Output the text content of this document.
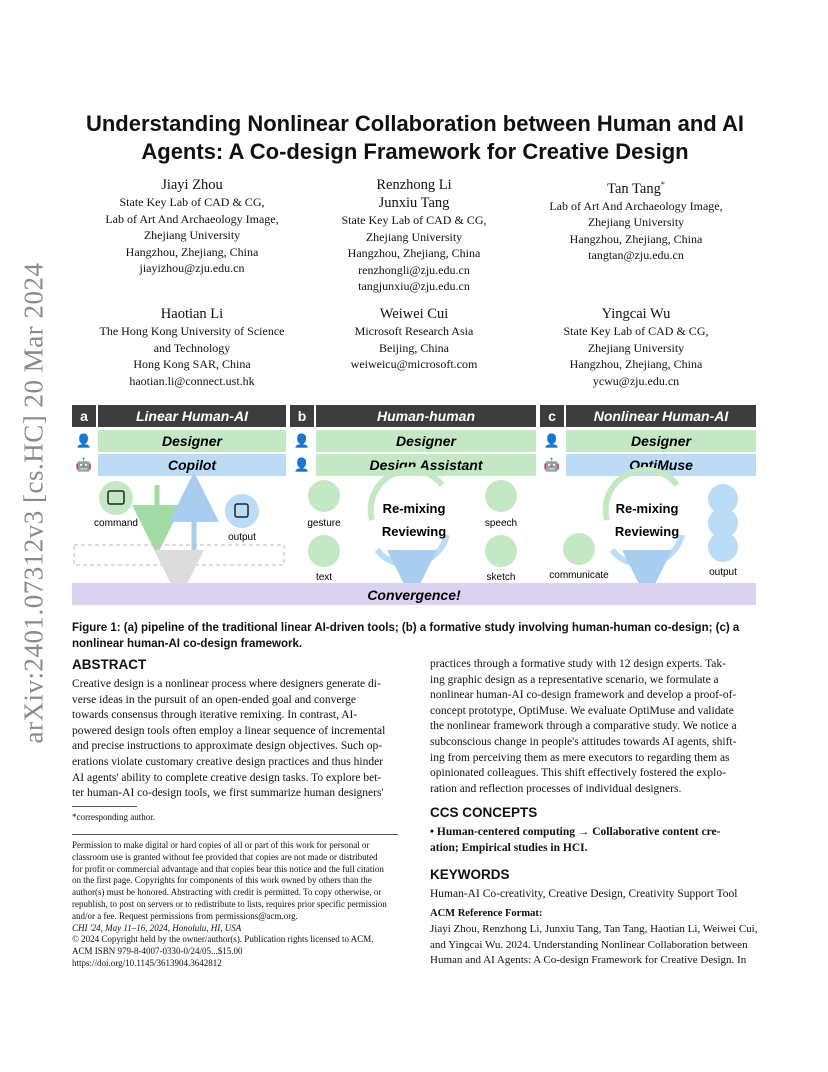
arXiv:2401.07312v3 [cs.HC] 20 Mar 2024
Understanding Nonlinear Collaboration between Human and AI
Agents: A Co-design Framework for Creative Design
Jiayi Zhou
State Key Lab of CAD & CG,
Lab of Art And Archaeology Image,
Zhejiang University
Hangzhou, Zhejiang, China
jiayizhou@zju.edu.cn
Renzhong Li
Junxiu Tang
State Key Lab of CAD & CG,
Zhejiang University
Hangzhou, Zhejiang, China
renzhongli@zju.edu.cn
tangjunxiu@zju.edu.cn
Tan Tang*
Lab of Art And Archaeology Image,
Zhejiang University
Hangzhou, Zhejiang, China
tangtan@zju.edu.cn
Haotian Li
The Hong Kong University of Science
and Technology
Hong Kong SAR, China
haotian.li@connect.ust.hk
Weiwei Cui
Microsoft Research Asia
Beijing, China
weiweicu@microsoft.com
Yingcai Wu
State Key Lab of CAD & CG,
Zhejiang University
Hangzhou, Zhejiang, China
ycwu@zju.edu.cn
a	Linear Human-AI
👤	Designer
🤖	Copilot
command
output
gap
b	Human-human
👤	Designer
👤	Design Assistant
gesture
text
Re-mixing
Reviewing
speech
sketch
c	Nonlinear Human-AI
👤	Designer
🤖	OptiMuse
communicate
Re-mixing
Reviewing
output
Convergence!
Figure 1: (a) pipeline of the traditional linear AI-driven tools; (b) a formative study involving human-human co-design; (c) a
nonlinear human-AI co-design framework.
ABSTRACT
Creative design is a nonlinear process where designers generate di-
verse ideas in the pursuit of an open-ended goal and converge
towards consensus through iterative remixing. In contrast, AI-
powered design tools often employ a linear sequence of incremental
and precise instructions to approximate design objectives. Such op-
erations violate customary creative design practices and thus hinder
AI agents' ability to complete creative design tasks. To explore bet-
ter human-AI co-design tools, we first summarize human designers'
*corresponding author.
Permission to make digital or hard copies of all or part of this work for personal or
classroom use is granted without fee provided that copies are not made or distributed
for profit or commercial advantage and that copies bear this notice and the full citation
on the first page. Copyrights for components of this work owned by others than the
author(s) must be honored. Abstracting with credit is permitted. To copy otherwise, or
republish, to post on servers or to redistribute to lists, requires prior specific permission
and/or a fee. Request permissions from permissions@acm.org.
CHI '24, May 11–16, 2024, Honolulu, HI, USA
© 2024 Copyright held by the owner/author(s). Publication rights licensed to ACM.
ACM ISBN 979-8-4007-0330-0/24/05...$15.00
https://doi.org/10.1145/3613904.3642812
practices through a formative study with 12 design experts. Tak-
ing graphic design as a representative scenario, we formulate a
nonlinear human-AI co-design framework and develop a proof-of-
concept prototype, OptiMuse. We evaluate OptiMuse and validate
the nonlinear framework through a comparative study. We notice a
subconscious change in people's attitudes towards AI agents, shift-
ing from perceiving them as mere executors to regarding them as
opinionated colleagues. This shift effectively fostered the explo-
ration and reflection processes of individual designers.
CCS CONCEPTS
• Human-centered computing → Collaborative content cre-
ation; Empirical studies in HCI.
KEYWORDS
Human-AI Co-creativity, Creative Design, Creativity Support Tool
ACM Reference Format:
Jiayi Zhou, Renzhong Li, Junxiu Tang, Tan Tang, Haotian Li, Weiwei Cui,
and Yingcai Wu. 2024. Understanding Nonlinear Collaboration between
Human and AI Agents: A Co-design Framework for Creative Design. In
